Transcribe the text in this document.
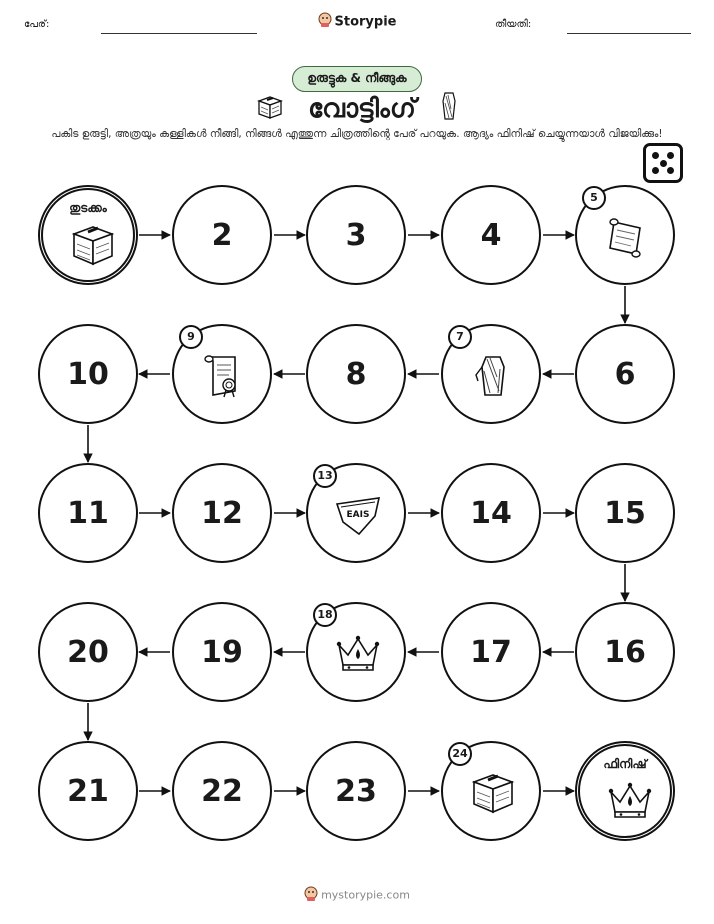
പേര്:	Storypie	തീയതി:
ഉരുട്ടുക & നീങ്ങുക
വോട്ടിംഗ്
പകിട ഉരുട്ടി, അത്രയും കള്ളികൾ നീങ്ങി, നിങ്ങൾ എത്തുന്ന ചിത്രത്തിന്റെ പേര് പറയുക. ആദ്യം ഫിനിഷ് ചെയ്യുന്നയാൾ വിജയിക്കും!
തുടക്കം
2	3	4
5
6
7
8
9
10
11	12
13
EAIS	14	15
16
17
18
19
20
21	22	23
24
ഫിനിഷ്
mystorypie.com
